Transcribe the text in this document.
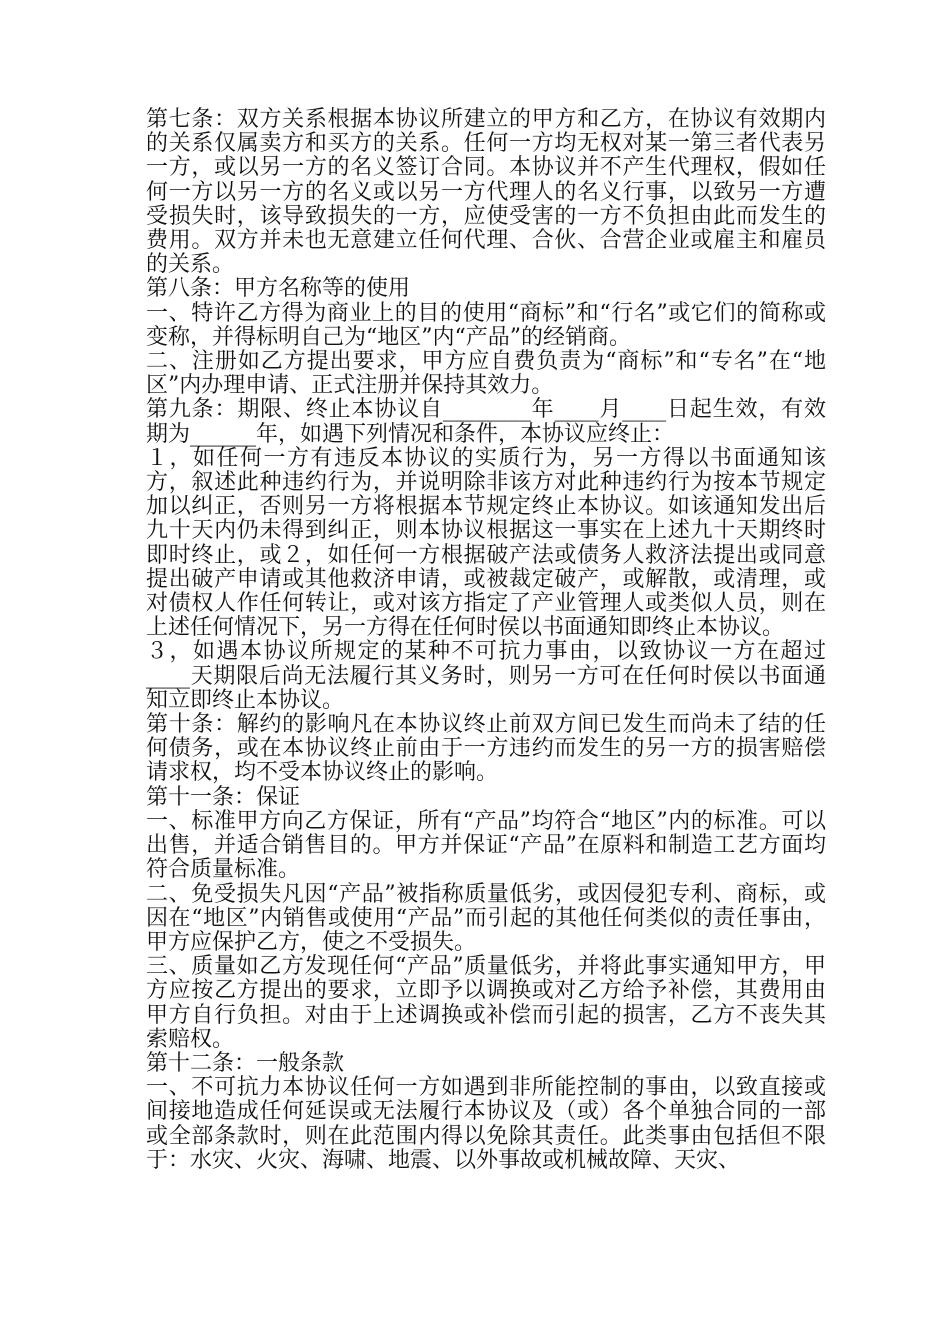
第七条：双方关系根据本协议所建立的甲方和乙方，在协议有效期内的关系仅属卖方和买方的关系。任何一方均无权对某一第三者代表另一方，或以另一方的名义签订合同。本协议并不产生代理权，假如任何一方以另一方的名义或以另一方代理人的名义行事，以致另一方遭受损失时，该导致损失的一方，应使受害的一方不负担由此而发生的费用。双方并未也无意建立任何代理、合伙、合营企业或雇主和雇员的关系。

第八条：甲方名称等的使用

一、特许乙方得为商业上的目的使用“商标”和“行名”或它们的简称或变称，并得标明自己为“地区”内“产品”的经销商。

二、注册如乙方提出要求，甲方应自费负责为“商标”和“专名”在“地区”内办理申请、正式注册并保持其效力。

第九条：期限、终止本协议自________年____月____日起生效，有效期为______年，如遇下列情况和条件，本协议应终止：

１，如任何一方有违反本协议的实质行为，另一方得以书面通知该方，叙述此种违约行为，并说明除非该方对此种违约行为按本节规定加以纠正，否则另一方将根据本节规定终止本协议。如该通知发出后九十天内仍未得到纠正，则本协议根据这一事实在上述九十天期终时即时终止，或２，如任何一方根据破产法或债务人救济法提出或同意提出破产申请或其他救济申请，或被裁定破产，或解散，或清理，或对债权人作任何转让，或对该方指定了产业管理人或类似人员，则在上述任何情况下，另一方得在任何时侯以书面通知即终止本协议。

３，如遇本协议所规定的某种不可抗力事由，以致协议一方在超过____天期限后尚无法履行其义务时，则另一方可在任何时侯以书面通知立即终止本协议。

第十条：解约的影响凡在本协议终止前双方间已发生而尚未了结的任何债务，或在本协议终止前由于一方违约而发生的另一方的损害赔偿请求权，均不受本协议终止的影响。

第十一条：保证

一、标准甲方向乙方保证，所有“产品”均符合“地区”内的标准。可以出售，并适合销售目的。甲方并保证“产品”在原料和制造工艺方面均符合质量标准。

二、免受损失凡因“产品”被指称质量低劣，或因侵犯专利、商标，或因在“地区”内销售或使用“产品”而引起的其他任何类似的责任事由，甲方应保护乙方，使之不受损失。

三、质量如乙方发现任何“产品”质量低劣，并将此事实通知甲方，甲方应按乙方提出的要求，立即予以调换或对乙方给予补偿，其费用由甲方自行负担。对由于上述调换或补偿而引起的损害，乙方不丧失其索赔权。

第十二条：一般条款

一、不可抗力本协议任何一方如遇到非所能控制的事由，以致直接或间接地造成任何延误或无法履行本协议及（或）各个单独合同的一部或全部条款时，则在此范围内得以免除其责任。此类事由包括但不限于：水灾、火灾、海啸、地震、以外事故或机械故障、天灾、
